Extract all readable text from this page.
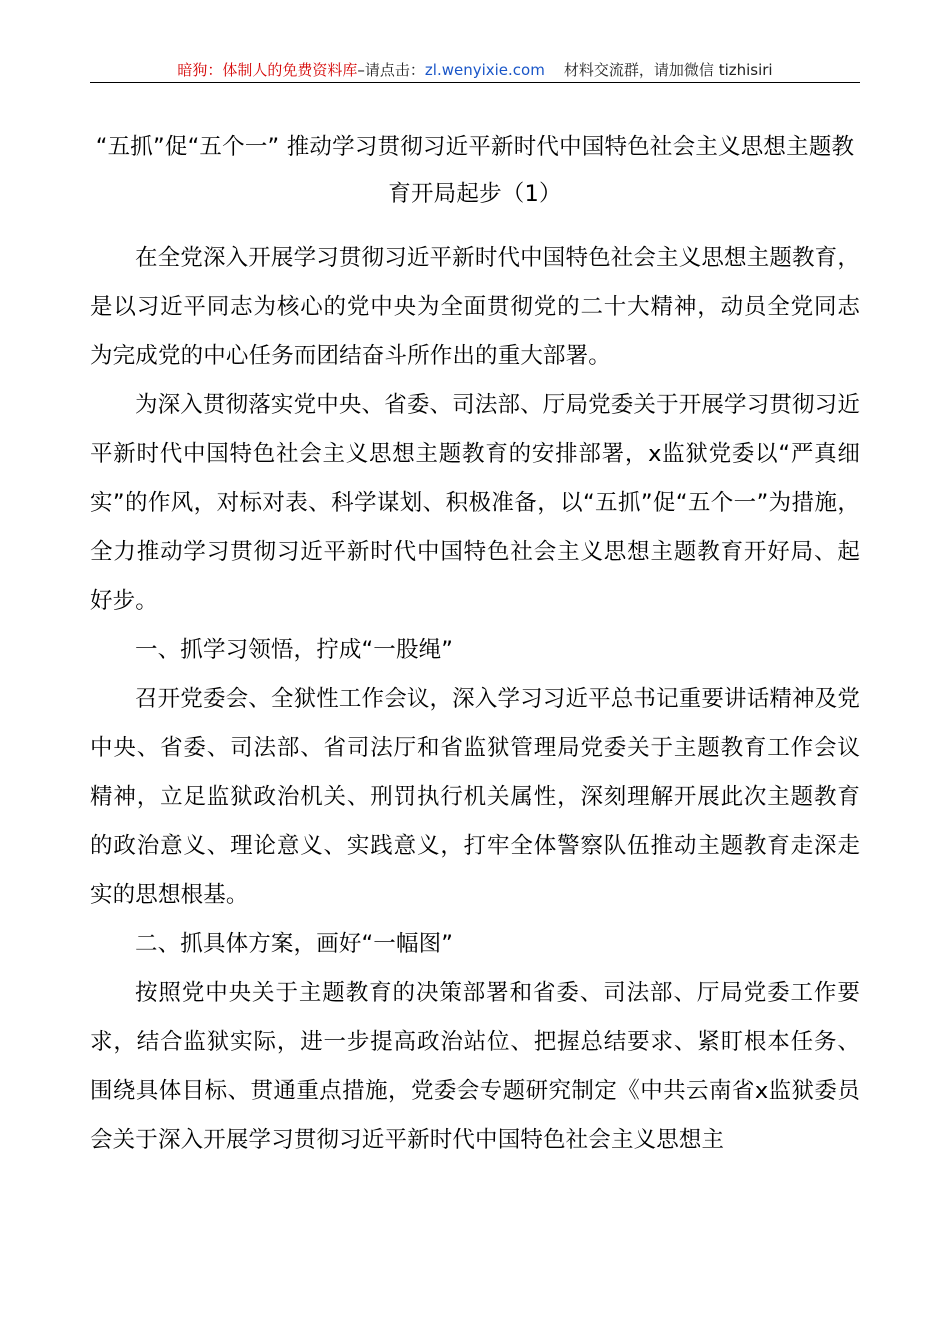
暗狗：体制人的免费资料库–请点击：zl.wenyixie.com 材料交流群，请加微信 tizhisiri
“五抓”促“五个一” 推动学习贯彻习近平新时代中国特色社会主义思想主题教育开局起步（1）

在全党深入开展学习贯彻习近平新时代中国特色社会主义思想主题教育，是以习近平同志为核心的党中央为全面贯彻党的二十大精神，动员全党同志为完成党的中心任务而团结奋斗所作出的重大部署。

为深入贯彻落实党中央、省委、司法部、厅局党委关于开展学习贯彻习近平新时代中国特色社会主义思想主题教育的安排部署，x监狱党委以“严真细实”的作风，对标对表、科学谋划、积极准备，以“五抓”促“五个一”为措施，全力推动学习贯彻习近平新时代中国特色社会主义思想主题教育开好局、起好步。

一、抓学习领悟，拧成“一股绳”

召开党委会、全狱性工作会议，深入学习习近平总书记重要讲话精神及党中央、省委、司法部、省司法厅和省监狱管理局党委关于主题教育工作会议精神，立足监狱政治机关、刑罚执行机关属性，深刻理解开展此次主题教育的政治意义、理论意义、实践意义，打牢全体警察队伍推动主题教育走深走实的思想根基。

二、抓具体方案，画好“一幅图”

按照党中央关于主题教育的决策部署和省委、司法部、厅局党委工作要求，结合监狱实际，进一步提高政治站位、把握总结要求、紧盯根本任务、围绕具体目标、贯通重点措施，党委会专题研究制定《中共云南省x监狱委员会关于深入开展学习贯彻习近平新时代中国特色社会主义思想主
